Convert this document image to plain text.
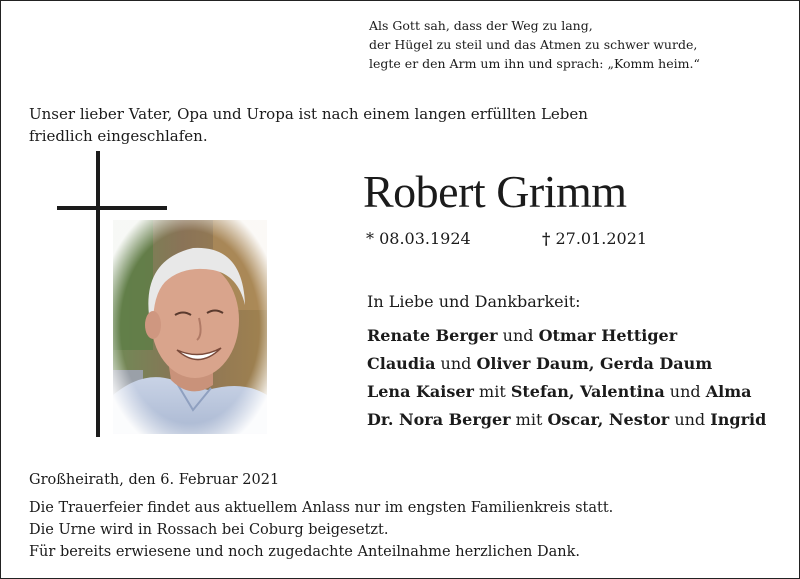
Als Gott sah, dass der Weg zu lang,
der Hügel zu steil und das Atmen zu schwer wurde,
legte er den Arm um ihn und sprach: „Komm heim.“
Unser lieber Vater, Opa und Uropa ist nach einem langen erfüllten Leben
friedlich eingeschlafen.
Robert Grimm
* 08.03.1924	† 27.01.2021
In Liebe und Dankbarkeit:
Renate Berger und Otmar Hettiger
Claudia und Oliver Daum, Gerda Daum
Lena Kaiser mit Stefan, Valentina und Alma
Dr. Nora Berger mit Oscar, Nestor und Ingrid
Großheirath, den 6. Februar 2021
Die Trauerfeier findet aus aktuellem Anlass nur im engsten Familienkreis statt.
Die Urne wird in Rossach bei Coburg beigesetzt.
Für bereits erwiesene und noch zugedachte Anteilnahme herzlichen Dank.
